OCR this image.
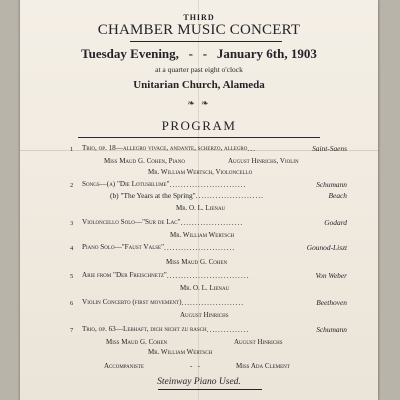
THIRD
CHAMBER MUSIC CONCERT
Tuesday Evening,   -   -   January 6th, 1903
at a quarter past eight o'clock
Unitarian Church, Alameda
❧ ❧
PROGRAM
1 Trio, op. 18—allegro vivace, andante, scherzo, allegro ...	Saint-Saens
Miss Maud G. Cohen, Piano	August Hinrichs, Violin
Mr. William Wertsch, Violoncello
2 Songs—(a) "Die Lotusblume" ...........................	Schumann
(b) "The Years at the Spring" ........................	Beach
Mr. O. L. Lienau
3 Violoncello Solo—"Sur de Lac" ......................	Godard
Mr. William Wertsch
4 Piano Solo—"Faust Valse" .........................	Gounod-Liszt
Miss Maud G. Cohen
5 Arie from "Der Freischnetz" .............................	Von Weber
Mr. O. L. Lienau
6 Violin Concerto (first movement) ......................	Beethoven
August Hinrichs
7 Trio, op. 63—Lebhaft, dich nicht zu rasch ...............	Schumann
Miss Maud G. Cohen	August Hinrichs
Mr. William Wertsch
Accompaniste	-   -	Miss Ada Clement
Steinway Piano Used.
